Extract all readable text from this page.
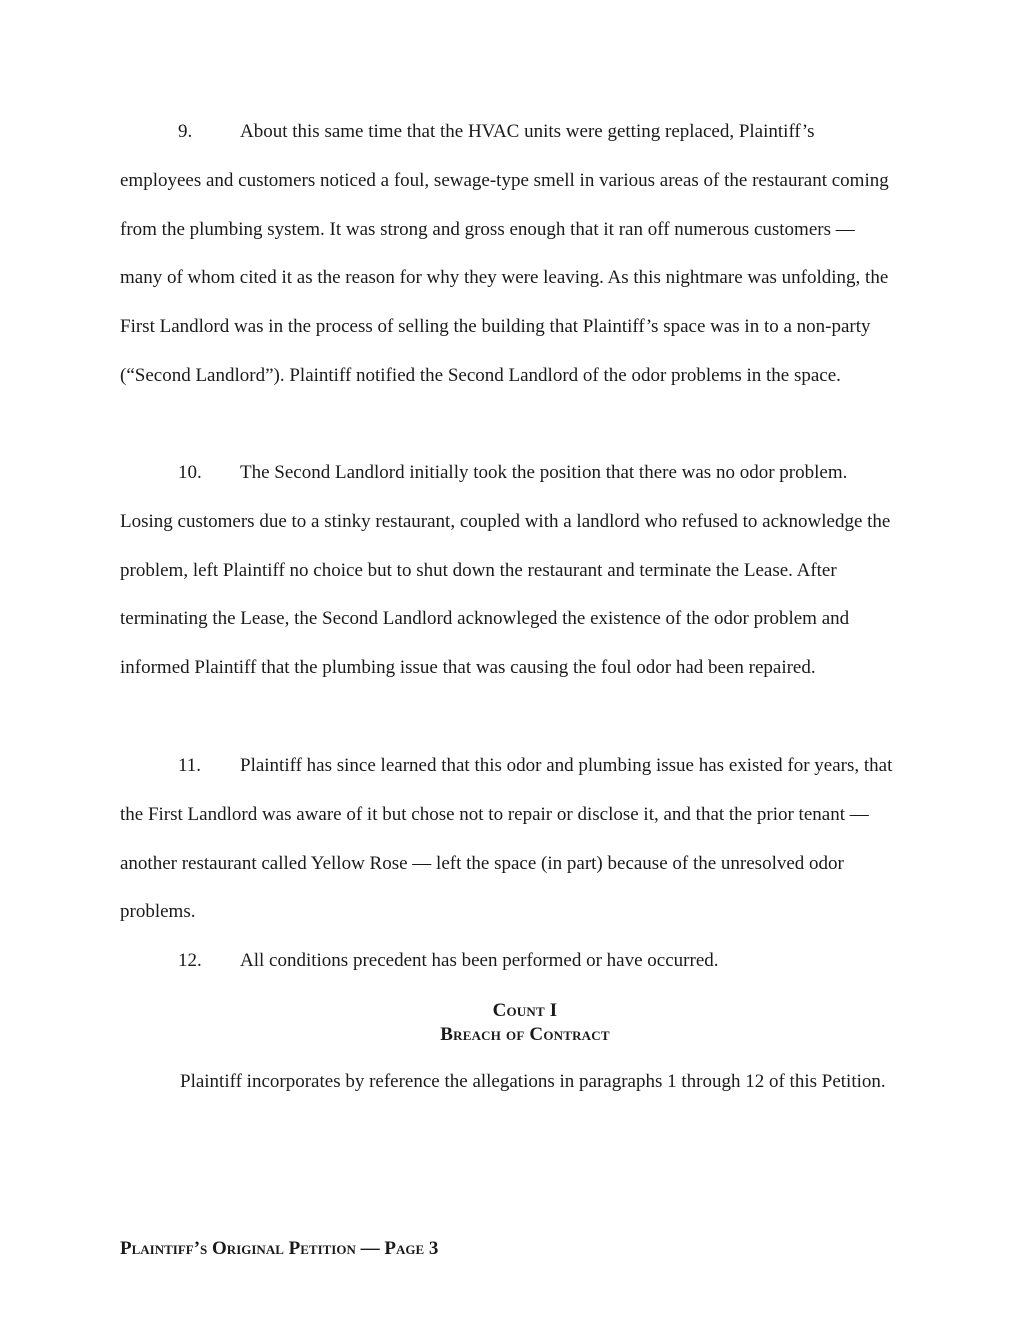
9.	About this same time that the HVAC units were getting replaced, Plaintiff’s employees and customers noticed a foul, sewage-type smell in various areas of the restaurant coming from the plumbing system. It was strong and gross enough that it ran off numerous customers — many of whom cited it as the reason for why they were leaving. As this nightmare was unfolding, the First Landlord was in the process of selling the building that Plaintiff’s space was in to a non-party (“Second Landlord”). Plaintiff notified the Second Landlord of the odor problems in the space.

10. The Second Landlord initially took the position that there was no odor problem. Losing customers due to a stinky restaurant, coupled with a landlord who refused to acknowledge the problem, left Plaintiff no choice but to shut down the restaurant and terminate the Lease. After terminating the Lease, the Second Landlord acknowleged the existence of the odor problem and informed Plaintiff that the plumbing issue that was causing the foul odor had been repaired.

11. Plaintiff has since learned that this odor and plumbing issue has existed for years, that the First Landlord was aware of it but chose not to repair or disclose it, and that the prior tenant — another restaurant called Yellow Rose — left the space (in part) because of the unresolved odor problems.

12. All conditions precedent has been performed or have occurred.

Count I
Breach of Contract

Plaintiff incorporates by reference the allegations in paragraphs 1 through 12 of this Petition.

Plaintiff’s Original Petition — Page 3
